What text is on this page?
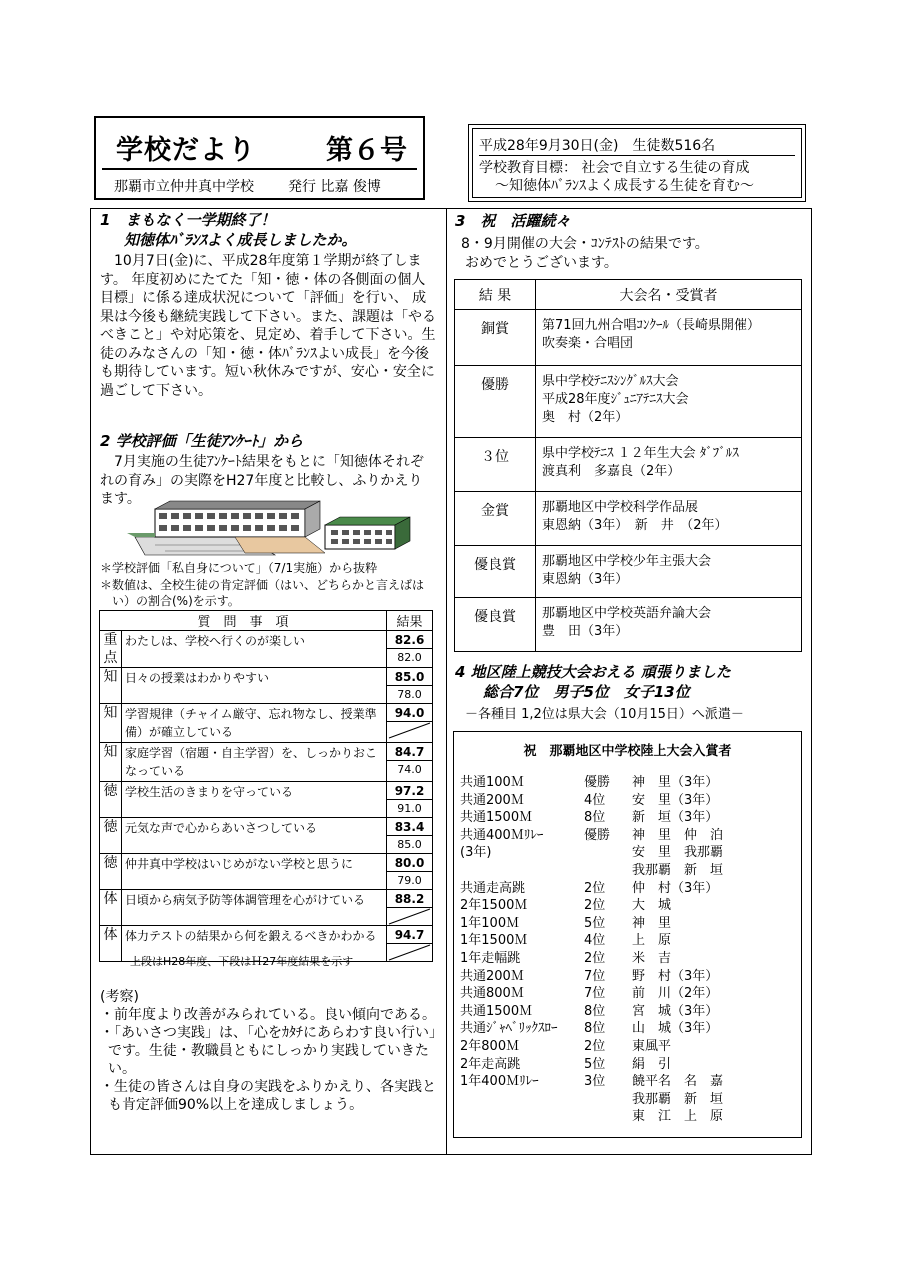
学校だより	第６号
那覇市立仲井真中学校 発行 比嘉 俊博
平成28年9月30日(金)　生徒数516名
学校教育目標： 社会で自立する生徒の育成
～知徳体ﾊﾞﾗﾝｽよく成長する生徒を育む～
1　まもなく一学期終了！
知徳体ﾊﾞﾗﾝｽよく成長しましたか。
　10月7日(金)に、平成28年度第１学期が終了します。 年度初めにたてた「知・徳・体の各側面の個人目標」に係る達成状況について「評価」を行い、 成果は今後も継続実践して下さい。また、課題は「やるべきこと」や対応策を、見定め、着手して下さい。生徒のみなさんの「知・徳・体ﾊﾞﾗﾝｽよい成長」を今後も期待しています。短い秋休みですが、安心・安全に過ごして下さい。
2 学校評価「生徒ｱﾝｹｰﾄ」から
　7月実施の生徒ｱﾝｹｰﾄ結果をもとに「知徳体それぞれの育み」の実際をH27年度と比較し、ふりかえります。
＊学校評価「私自身について」（7/1実施）から抜粋
＊数値は、全校生徒の肯定評価（はい、どちらかと言えばはい）の割合(%)を示す。
質　問　事　項		結果
重点	わたしは、学校へ行くのが楽しい	82.6
82.0

知	日々の授業はわかりやすい	85.0
78.0

知	学習規律（チャイム厳守、忘れ物なし、授業準備）が確立している	94.0

知	家庭学習（宿題・自主学習）を、しっかりおこなっている	84.7
74.0

徳	学校生活のきまりを守っている	97.2
91.0

徳	元気な声で心からあいさつしている	83.4
85.0

徳	仲井真中学校はいじめがない学校と思うに	80.0
79.0

体	日頃から病気予防等体調管理を心がけている	88.2

体	体力テストの結果から何を鍛えるべきかわかる	94.7
上段はH28年度、下段はＨ27年度結果を示す

(考察)

・前年度より改善がみられている。良い傾向である。

・「あいさつ実践」は、「心をｶﾀﾁにあらわす良い行い」です。生徒・教職員ともにしっかり実践していきたい。

・生徒の皆さんは自身の実践をふりかえり、各実践とも肯定評価90%以上を達成しましょう。

3　祝　活躍続々
8・9月開催の大会・ｺﾝﾃｽﾄの結果です。
おめでとうございます。
結 果	大会名・受賞者
銅賞	第71回九州合唱ｺﾝｸｰﾙ（長崎県開催）
吹奏楽・合唱団

優勝	県中学校ﾃﾆｽｼﾝｸﾞﾙｽ大会
平成28年度ｼﾞｭﾆｱﾃﾆｽ大会
奥　村（2年）

３位	県中学校ﾃﾆｽ １２年生大会 ﾀﾞﾌﾞﾙｽ
渡真利　多嘉良（2年）

金賞	那覇地区中学校科学作品展
東恩納（3年）　新　井　（2年）

優良賞	那覇地区中学校少年主張大会
東恩納（3年）

優良賞	那覇地区中学校英語弁論大会
豊　田（3年）
4 地区陸上競技大会おえる 頑張りました
総合7位　男子5位　女子13位
－各種目 1,2位は県大会（10月15日）へ派遣－
祝　那覇地区中学校陸上大会入賞者
共通100Ｍ	優勝	神　里（3年）
共通200Ｍ	4位	安　里（3年）
共通1500Ｍ	8位	新　垣（3年）
共通400Ｍﾘﾚｰ	優勝	神　里　仲　泊
(3年)	安　里　我那覇
我那覇　新　垣
共通走高跳	2位	仲　村（3年）
2年1500Ｍ	2位	大　城
1年100Ｍ	5位	神　里
1年1500Ｍ	4位	上　原
1年走幅跳	2位	米　吉
共通200Ｍ	7位	野　村（3年）
共通800Ｍ	7位	前　川（2年）
共通1500Ｍ	8位	宮　城（3年）
共通ｼﾞｬﾍﾞﾘｯｸｽﾛｰ	8位	山　城（3年）
2年800Ｍ	2位	東風平
2年走高跳	5位	絹　引
1年400Ｍﾘﾚｰ	3位	饒平名　名　嘉
我那覇　新　垣
東　江　上　原
